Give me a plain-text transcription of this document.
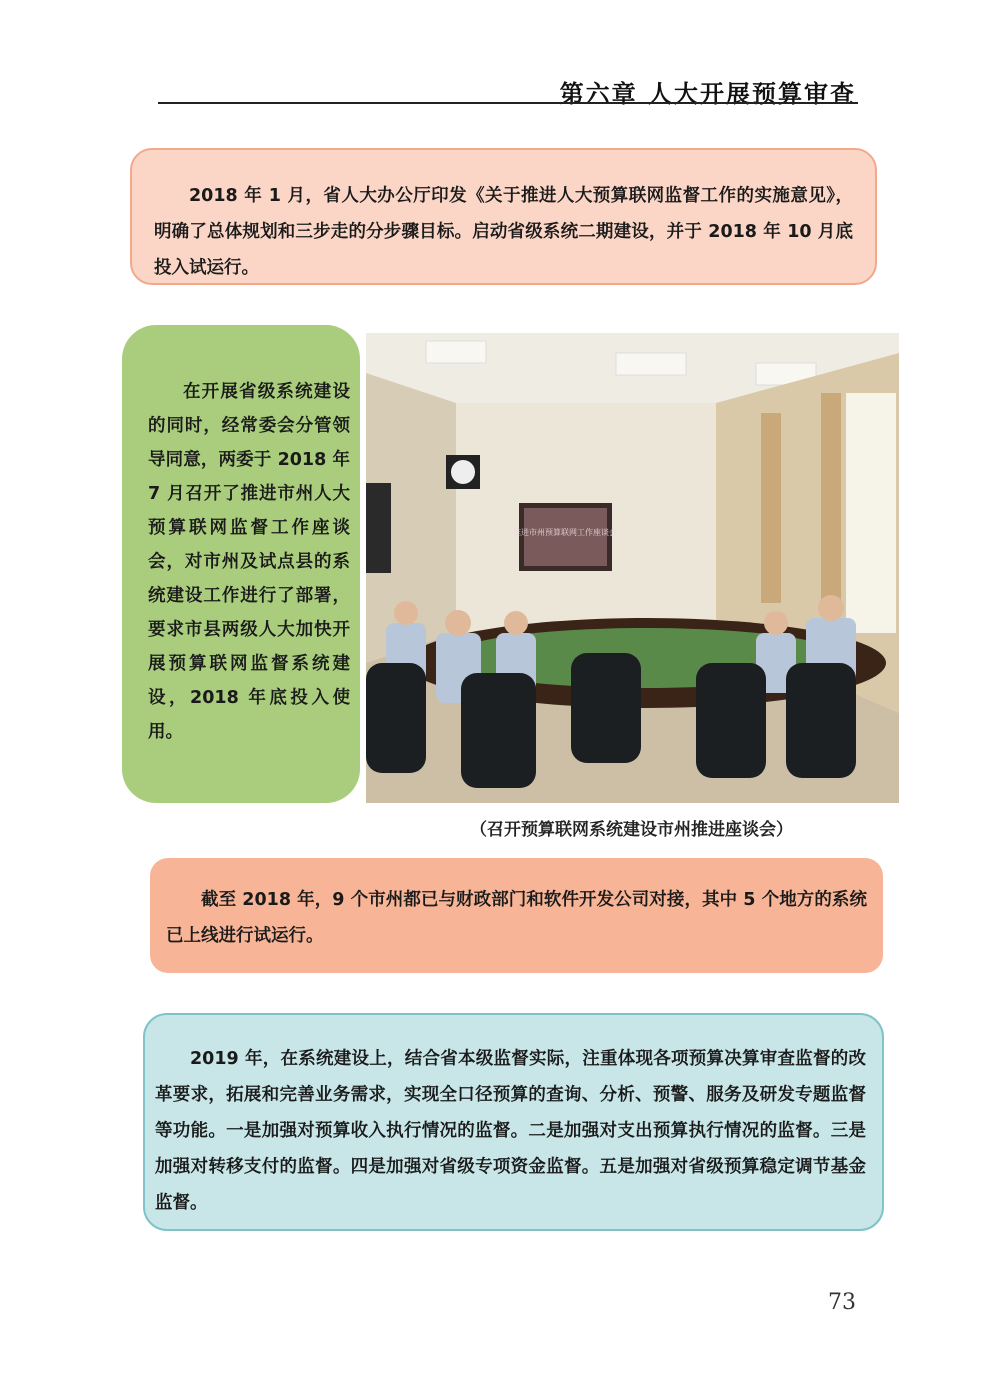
第六章 人大开展预算审查

2018 年 1 月，省人大办公厅印发《关于推进人大预算联网监督工作的实施意见》，明确了总体规划和三步走的分步骤目标。启动省级系统二期建设，并于 2018 年 10 月底投入试运行。

在开展省级系统建设的同时，经常委会分管领导同意，两委于 2018 年 7 月召开了推进市州人大预算联网监督工作座谈会，对市州及试点县的系统建设工作进行了部署，要求市县两级人大加快开展预算联网监督系统建设，2018 年底投入使用。

推进市州预算联网工作座谈会
（召开预算联网系统建设市州推进座谈会）

截至 2018 年，9 个市州都已与财政部门和软件开发公司对接，其中 5 个地方的系统已上线进行试运行。

2019 年，在系统建设上，结合省本级监督实际，注重体现各项预算决算审查监督的改革要求，拓展和完善业务需求，实现全口径预算的查询、分析、预警、服务及研发专题监督等功能。一是加强对预算收入执行情况的监督。二是加强对支出预算执行情况的监督。三是加强对转移支付的监督。四是加强对省级专项资金监督。五是加强对省级预算稳定调节基金监督。

73
